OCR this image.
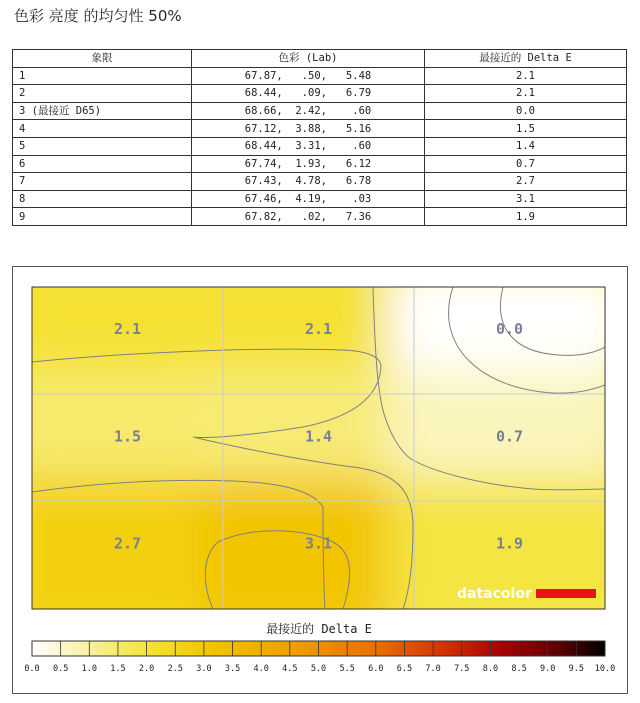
色彩 亮度 的均匀性 50%
象限	色彩 (Lab)	最接近的 Delta E
1	67.87,   .50,   5.48	2.1
2	68.44,   .09,   6.79	2.1
3 (最接近 D65)	68.66,  2.42,    .60	0.0
4	67.12,  3.88,   5.16	1.5
5	68.44,  3.31,    .60	1.4
6	67.74,  1.93,   6.12	0.7
7	67.43,  4.78,   6.78	2.7
8	67.46,  4.19,    .03	3.1
9	67.82,   .02,   7.36	1.9
2.1	2.1	0.0
1.5	1.4	0.7
2.7	3.1	1.9
datacolor
最接近的 Delta E
0.0 0.5 1.0 1.5 2.0 2.5 3.0 3.5 4.0 4.5 5.0 5.5 6.0 6.5 7.0 7.5 8.0 8.5 9.0 9.5 10.0
